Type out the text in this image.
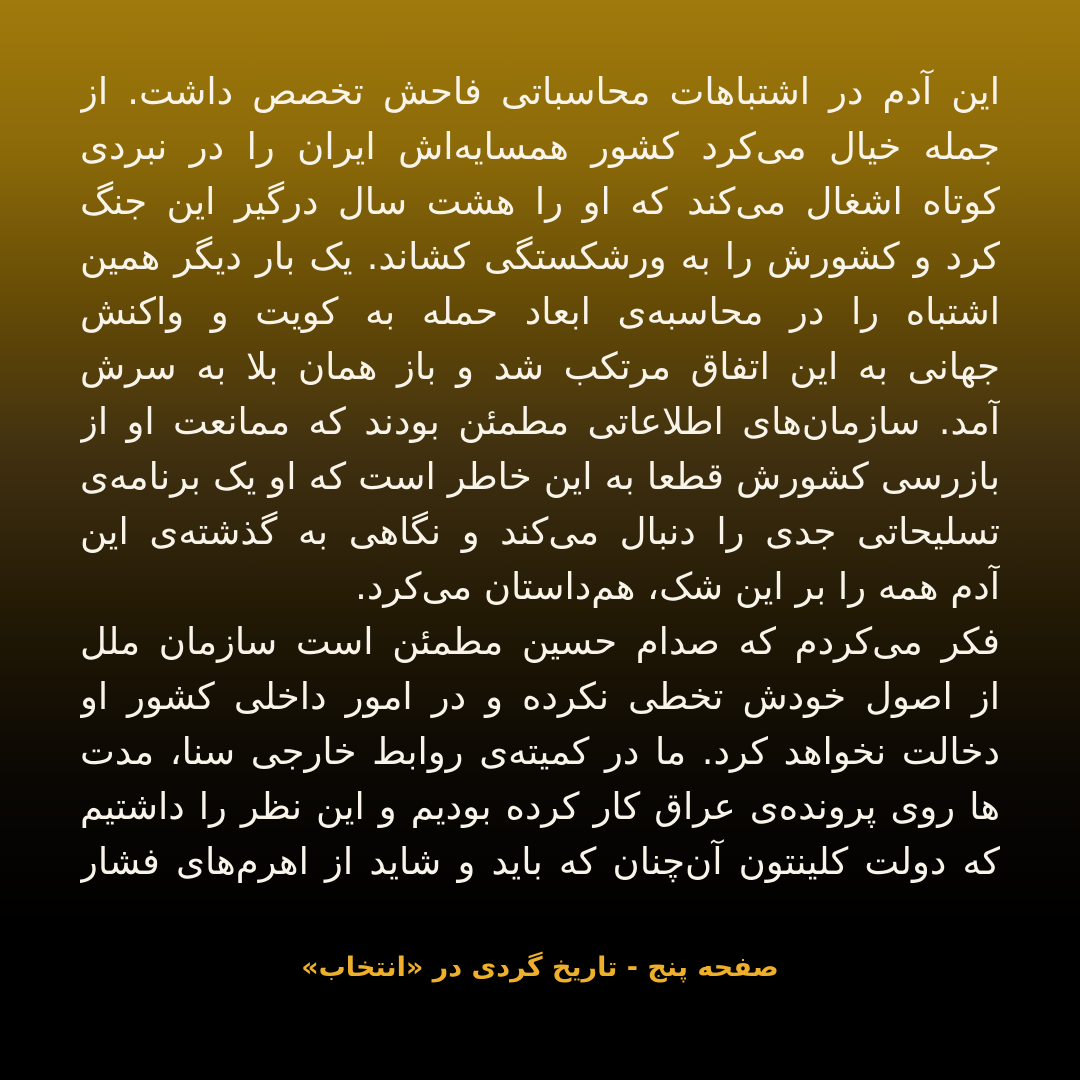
این آدم در اشتباهات محاسباتی فاحش تخصص داشت. از
جمله خیال می‌کرد کشور همسایه‌اش ایران را در نبردی
کوتاه اشغال می‌کند که او را هشت سال درگیر این جنگ
کرد و کشورش را به ورشکستگی کشاند. یک بار دیگر همین
اشتباه را در محاسبه‌ی ابعاد حمله به کویت و واکنش
جهانی به این اتفاق مرتکب شد و باز همان بلا به سرش
آمد. سازمان‌های اطلاعاتی مطمئن بودند که ممانعت او از
بازرسی کشورش قطعا به این خاطر است که او یک برنامه‌ی
تسلیحاتی جدی را دنبال می‌کند و نگاهی به گذشته‌ی این
آدم همه را بر این شک، هم‌داستان می‌کرد.
فکر می‌کردم که صدام حسین مطمئن است سازمان ملل
از اصول خودش تخطی نکرده و در امور داخلی کشور او
دخالت نخواهد کرد. ما در کمیته‌ی روابط خارجی سنا، مدت
ها روی پرونده‌ی عراق کار کرده بودیم و این نظر را داشتیم
که دولت کلینتون آن‌چنان که باید و شاید از اهرم‌های فشار
صفحه پنج - تاریخ گردی در «انتخاب»
